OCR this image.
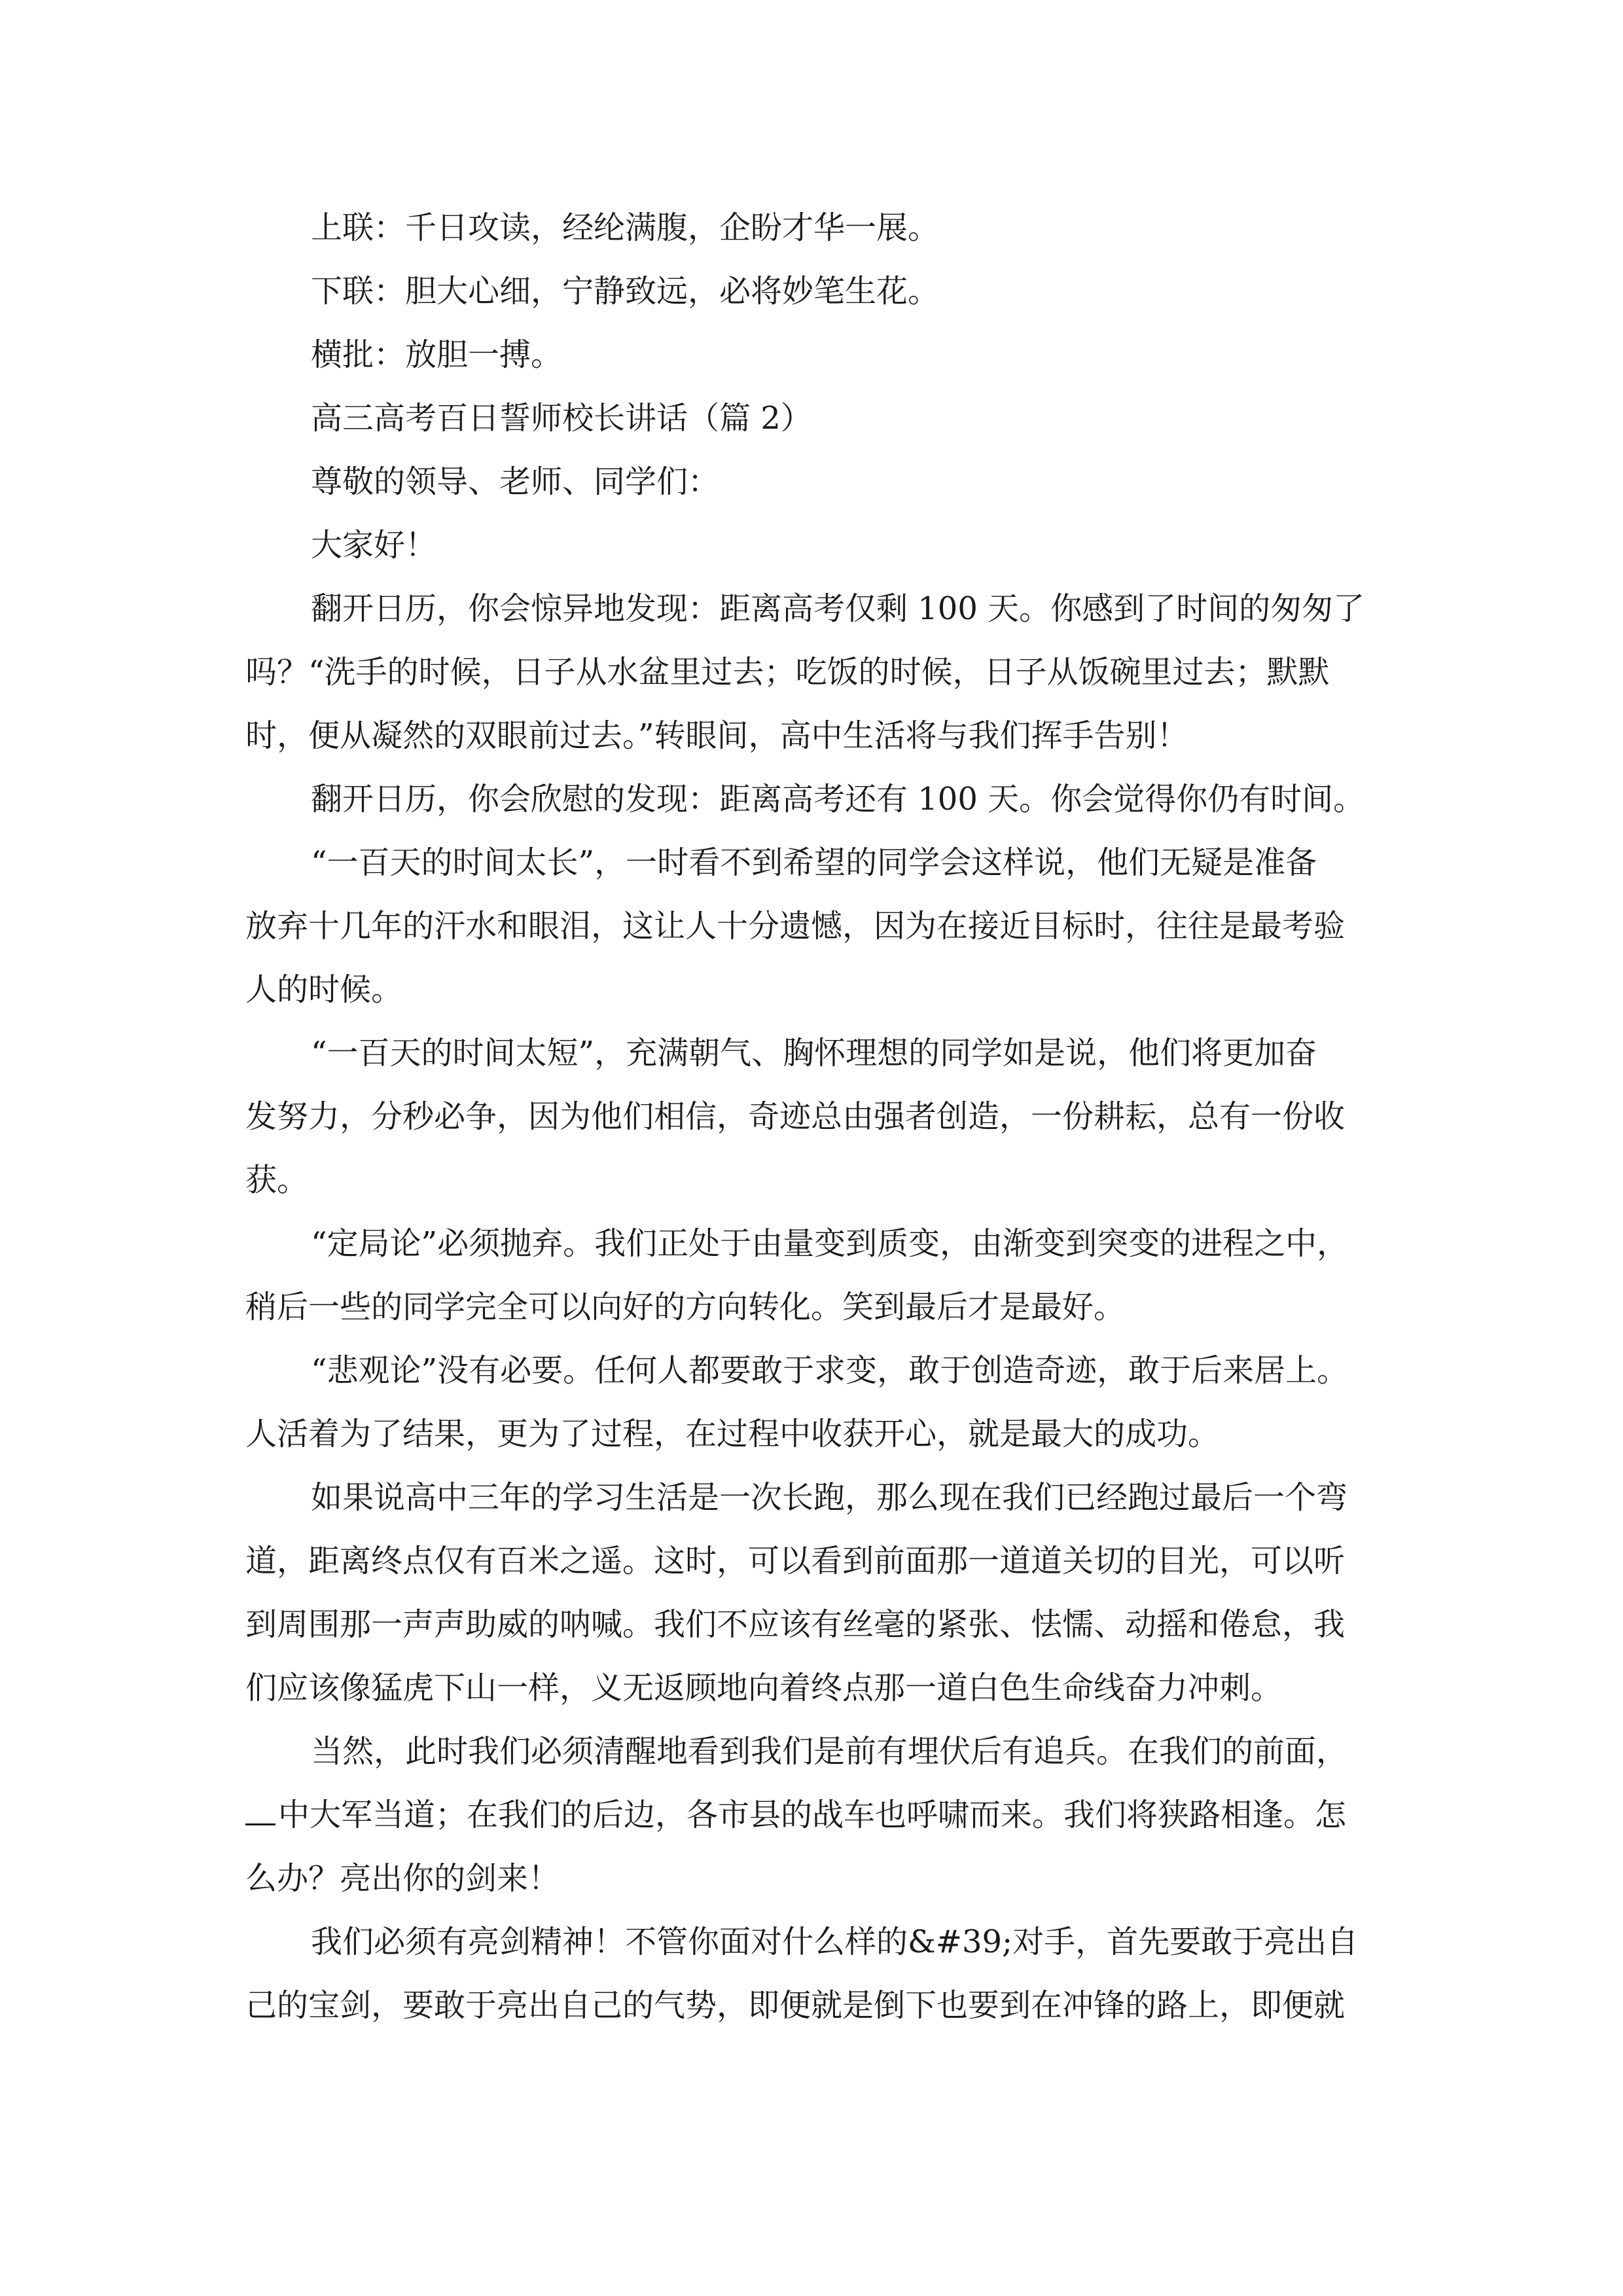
上联：千日攻读，经纶满腹，企盼才华一展。
下联：胆大心细，宁静致远，必将妙笔生花。
横批：放胆一搏。
高三高考百日誓师校长讲话（篇 2）
尊敬的领导、老师、同学们：
大家好！
翻开日历，你会惊异地发现：距离高考仅剩 100 天。你感到了时间的匆匆了
吗？“洗手的时候，日子从水盆里过去；吃饭的时候，日子从饭碗里过去；默默
时，便从凝然的双眼前过去。”转眼间，高中生活将与我们挥手告别！
翻开日历，你会欣慰的发现：距离高考还有 100 天。你会觉得你仍有时间。
“一百天的时间太长”，一时看不到希望的同学会这样说，他们无疑是准备
放弃十几年的汗水和眼泪，这让人十分遗憾，因为在接近目标时，往往是最考验
人的时候。
“一百天的时间太短”，充满朝气、胸怀理想的同学如是说，他们将更加奋
发努力，分秒必争，因为他们相信，奇迹总由强者创造，一份耕耘，总有一份收
获。
“定局论”必须抛弃。我们正处于由量变到质变，由渐变到突变的进程之中，
稍后一些的同学完全可以向好的方向转化。笑到最后才是最好。
“悲观论”没有必要。任何人都要敢于求变，敢于创造奇迹，敢于后来居上。
人活着为了结果，更为了过程，在过程中收获开心，就是最大的成功。
如果说高中三年的学习生活是一次长跑，那么现在我们已经跑过最后一个弯
道，距离终点仅有百米之遥。这时，可以看到前面那一道道关切的目光，可以听
到周围那一声声助威的呐喊。我们不应该有丝毫的紧张、怯懦、动摇和倦怠，我
们应该像猛虎下山一样，义无返顾地向着终点那一道白色生命线奋力冲刺。
当然，此时我们必须清醒地看到我们是前有埋伏后有追兵。在我们的前面，
中大军当道；在我们的后边，各市县的战车也呼啸而来。我们将狭路相逢。怎
么办？亮出你的剑来！
我们必须有亮剑精神！不管你面对什么样的&#39;对手，首先要敢于亮出自
己的宝剑，要敢于亮出自己的气势，即便就是倒下也要到在冲锋的路上，即便就
